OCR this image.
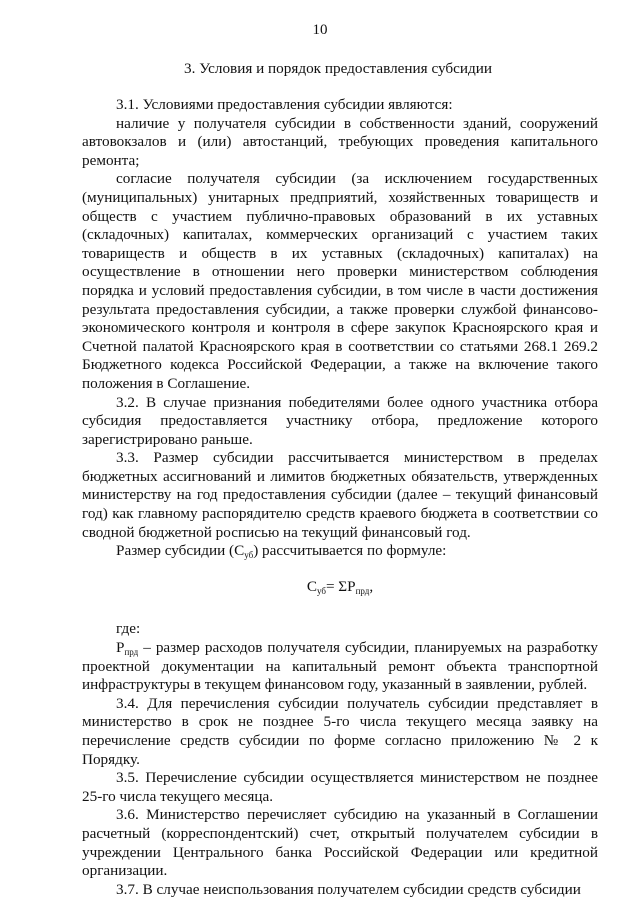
10
3. Условия и порядок предоставления субсидии

3.1. Условиями предоставления субсидии являются:

наличие у получателя субсидии в собственности зданий, сооружений автовокзалов и (или) автостанций, требующих проведения капитального ремонта;

согласие получателя субсидии (за исключением государственных (муниципальных) унитарных предприятий, хозяйственных товариществ и обществ с участием публично-правовых образований в их уставных (складочных) капиталах, коммерческих организаций с участием таких товариществ и обществ в их уставных (складочных) капиталах) на осуществление в отношении него проверки министерством соблюдения порядка и условий предоставления субсидии, в том числе в части достижения результата предоставления субсидии, а также проверки службой финансово-экономического контроля и контроля в сфере закупок Красноярского края и Счетной палатой Красноярского края в соответствии со статьями 268.1 269.2 Бюджетного кодекса Российской Федерации, а также на включение такого положения в Соглашение.

3.2. В случае признания победителями более одного участника отбора субсидия предоставляется участнику отбора, предложение которого зарегистрировано раньше.

3.3. Размер субсидии рассчитывается министерством в пределах бюджетных ассигнований и лимитов бюджетных обязательств, утвержденных министерству на год предоставления субсидии (далее – текущий финансовый год) как главному распорядителю средств краевого бюджета в соответствии со сводной бюджетной росписью на текущий финансовый год.

Размер субсидии $(С_{уб})$ рассчитывается по формуле:

$С_{уб}= \Sigma Р_{прд}$,

где:

$Р_{прд}$ – размер расходов получателя субсидии, планируемых на разработку проектной документации на капитальный ремонт объекта транспортной инфраструктуры в текущем финансовом году, указанный в заявлении, рублей.

3.4. Для перечисления субсидии получатель субсидии представляет в министерство в срок не позднее 5-го числа текущего месяца заявку на перечисление средств субсидии по форме согласно приложению № 2 к Порядку.

3.5. Перечисление субсидии осуществляется министерством не позднее 25-го числа текущего месяца.

3.6. Министерство перечисляет субсидию на указанный в Соглашении расчетный (корреспондентский) счет, открытый получателем субсидии в учреждении Центрального банка Российской Федерации или кредитной организации.

3.7. В случае неиспользования получателем субсидии средств субсидии
